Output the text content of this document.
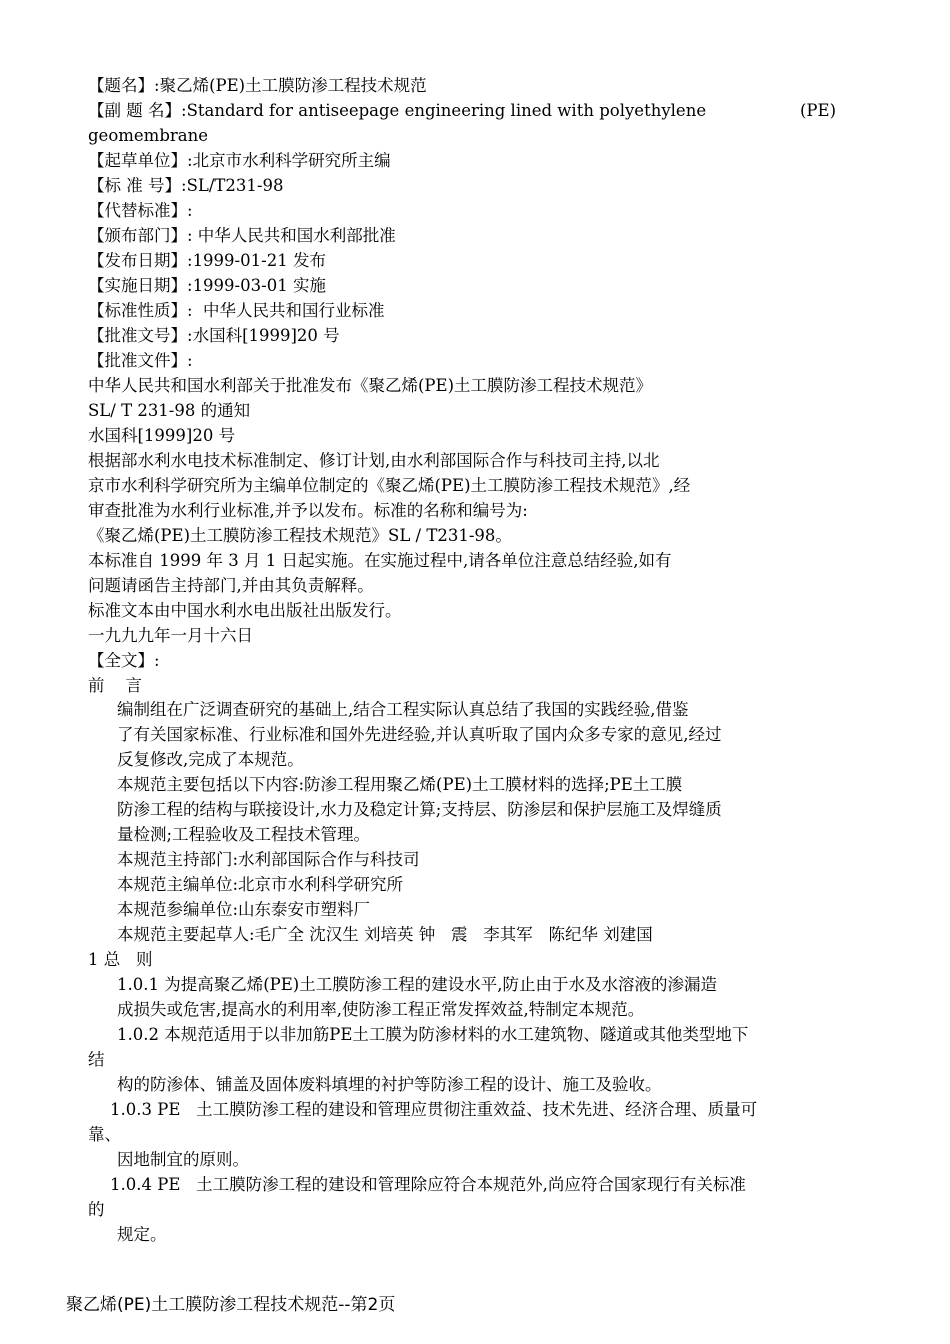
【题名】:聚乙烯(PE)土工膜防渗工程技术规范
【副 题 名】:Standard for antiseepage engineering lined with polyethylene	(PE)
geomembrane
【起草单位】:北京市水利科学研究所主编
【标 准 号】:SL/T231-98
【代替标准】:
【颁布部门】: 中华人民共和国水利部批准
【发布日期】:1999-01-21 发布
【实施日期】:1999-03-01 实施
【标准性质】:  中华人民共和国行业标准
【批准文号】:水国科[1999]20 号
【批准文件】:
中华人民共和国水利部关于批准发布《聚乙烯(PE)土工膜防渗工程技术规范》
SL/ T 231-98 的通知
水国科[1999]20 号
根据部水利水电技术标准制定、修订计划,由水利部国际合作与科技司主持,以北
京市水利科学研究所为主编单位制定的《聚乙烯(PE)土工膜防渗工程技术规范》,经
审查批准为水利行业标准,并予以发布。标准的名称和编号为:
《聚乙烯(PE)土工膜防渗工程技术规范》SL / T231-98。
本标准自 1999 年 3 月 1 日起实施。在实施过程中,请各单位注意总结经验,如有
问题请函告主持部门,并由其负责解释。
标准文本由中国水利水电出版社出版发行。
一九九九年一月十六日
【全文】:
前    言
编制组在广泛调查研究的基础上,结合工程实际认真总结了我国的实践经验,借鉴
了有关国家标准、行业标准和国外先进经验,并认真听取了国内众多专家的意见,经过
反复修改,完成了本规范。
本规范主要包括以下内容:防渗工程用聚乙烯(PE)土工膜材料的选择;PE土工膜
防渗工程的结构与联接设计,水力及稳定计算;支持层、防渗层和保护层施工及焊缝质
量检测;工程验收及工程技术管理。
本规范主持部门:水利部国际合作与科技司
本规范主编单位:北京市水利科学研究所
本规范参编单位:山东泰安市塑料厂
本规范主要起草人:毛广全 沈汉生 刘培英 钟   震   李其军   陈纪华 刘建国
1 总   则
1.0.1 为提高聚乙烯(PE)土工膜防渗工程的建设水平,防止由于水及水溶液的渗漏造
成损失或危害,提高水的利用率,使防渗工程正常发挥效益,特制定本规范。
1.0.2 本规范适用于以非加筋PE土工膜为防渗材料的水工建筑物、隧道或其他类型地下
结
构的防渗体、铺盖及固体废料填埋的衬护等防渗工程的设计、施工及验收。
1.0.3 PE   土工膜防渗工程的建设和管理应贯彻注重效益、技术先进、经济合理、质量可
靠、
因地制宜的原则。
1.0.4 PE   土工膜防渗工程的建设和管理除应符合本规范外,尚应符合国家现行有关标准
的
规定。
聚乙烯(PE)土工膜防渗工程技术规范--第2页
